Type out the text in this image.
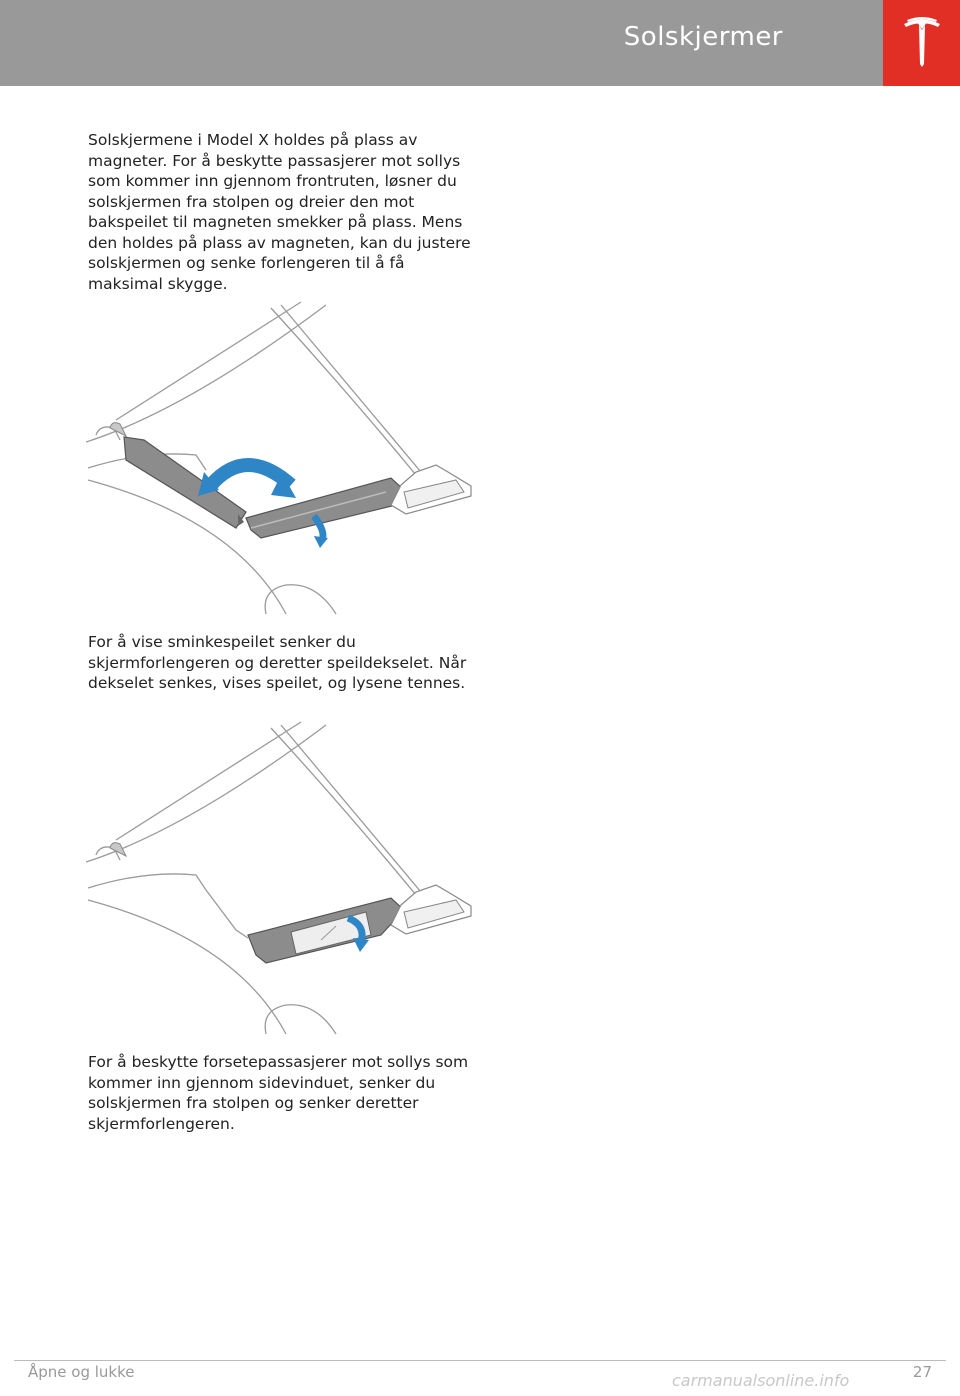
Solskjermer

Solskjermene i Model X holdes på plass av magneter. For å beskytte passasjerer mot sollys som kommer inn gjennom frontruten, løsner du solskjermen fra stolpen og dreier den mot bakspeilet til magneten smekker på plass. Mens den holdes på plass av magneten, kan du justere solskjermen og senke forlengeren til å få maksimal skygge.

For å vise sminkespeilet senker du skjermforlengeren og deretter speildekselet. Når dekselet senkes, vises speilet, og lysene tennes.

For å beskytte forsetepassasjerer mot sollys som kommer inn gjennom sidevinduet, senker du solskjermen fra stolpen og senker deretter skjermforlengeren.

Åpne og lukke	27
carmanualsonline.info
